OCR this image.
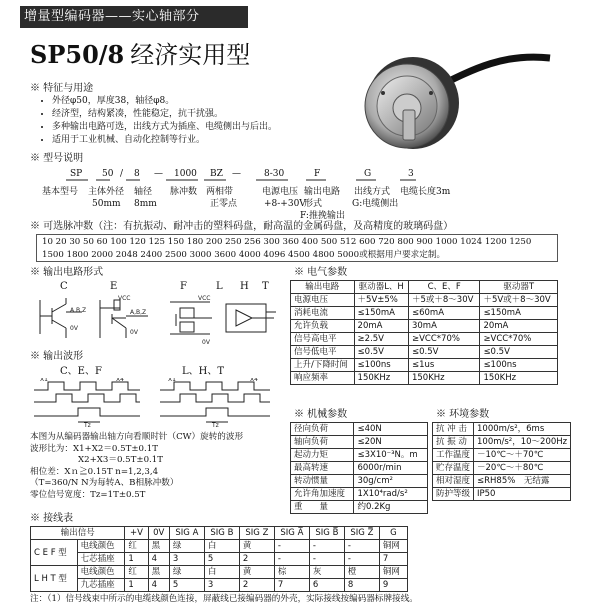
增量型编码器——实心轴部分
SP50/8 经济实用型
※ 特征与用途
• 外径φ50，厚度38，轴径φ8。
• 经济型，结构紧凑，性能稳定，抗干扰强。
• 多种输出电路可选，出线方式为插座、电缆侧出与后出。
• 适用于工业机械、自动化控制等行业。
※ 型号说明
SP 50 / 8 — 1000 BZ —	8-30	F	G	3
基本型号 主体外径
50mm
轴径
8mm
脉冲数 两相带
正零点
电源电压
+8-+30V
输出电路
形式
F:推挽输出
出线方式
G:电缆侧出
电缆长度3m
※ 可选脉冲数（注：有抗振动、耐冲击的塑料码盘，耐高温的金属码盘，及高精度的玻璃码盘）
10 20 30 50 60 100 120 125 150 180 200 250 256 300 360 400 500 512 600 720 800 900 1000 1024 1200 1250
1500 1800 2000 2048 2400 2500 3000 3600 4000 4096 4500 4800 5000或根据用户要求定制。
※ 输出电路形式
C	E	F	L H T
A B Z
0V
VCC
A,B,Z
0V
VCC
0V
※ 输出波形
C、E、F	L、H、T
X1	X4
Tz	Tz
X1	X4
本图为从编码器输出轴方向看顺时针（CW）旋转的波形
波形比为：X1+X2＝0.5T±0.1T
X2+X3＝0.5T±0.1T
相位差：Xｎ≧0.15T n=1,2,3,4
（T=360/N N为每转A、B相脉冲数）
零位信号宽度：Tz=1T±0.5T
※ 电气参数
输出电路	驱动器L、H	C、E、F	驱动器T
电源电压	＋5V±5%	＋5或＋8～30V	＋5V或＋8～30V
消耗电流	≤150mA	≤60mA	≤150mA
允许负载	20mA	30mA	20mA
信号高电平	≥2.5V	≥VCC*70%	≥VCC*70%
信号低电平	≤0.5V	≤0.5V	≤0.5V
上升/下降时间	≤100ns	≤1us	≤100ns
响应频率	150KHz	150KHz	150KHz
※ 机械参数
径向负荷	≤40N
轴向负荷	≤20N
起动力矩	≤3X10⁻³N。m
最高转速	6000r/min
转动惯量	30g/cm²
允许角加速度	1X10⁴rad/s²
重　　量	约0.2Kg
※ 环境参数
抗 冲 击	1000m/s²，6ms
抗 振 动	100m/s²，10～200Hz
工作温度	－10℃～＋70℃
贮存温度	－20℃～＋80℃
相对湿度	≤RH85%　无结露
防护等级	IP50
※ 接线表
输出信号		+V	0V	SIG A	SIG B	SIG Z	SIG A̅	SIG B̅	SIG Z̅	G
C E F 型	电线颜色	红	黑	绿	白	黄	-	-	-	铜网
	七芯插座	1	4	3	5	2	-	-	-	7
L H T 型	电线颜色	红	黑	绿	白	黄	棕	灰	橙	铜网
	九芯插座	1	4	5	3	2	7	6	8	9
注：（1）信号线束中所示的电缆线颜色连接，屏蔽线已接编码器的外壳，实际接线按编码器标牌接线。
